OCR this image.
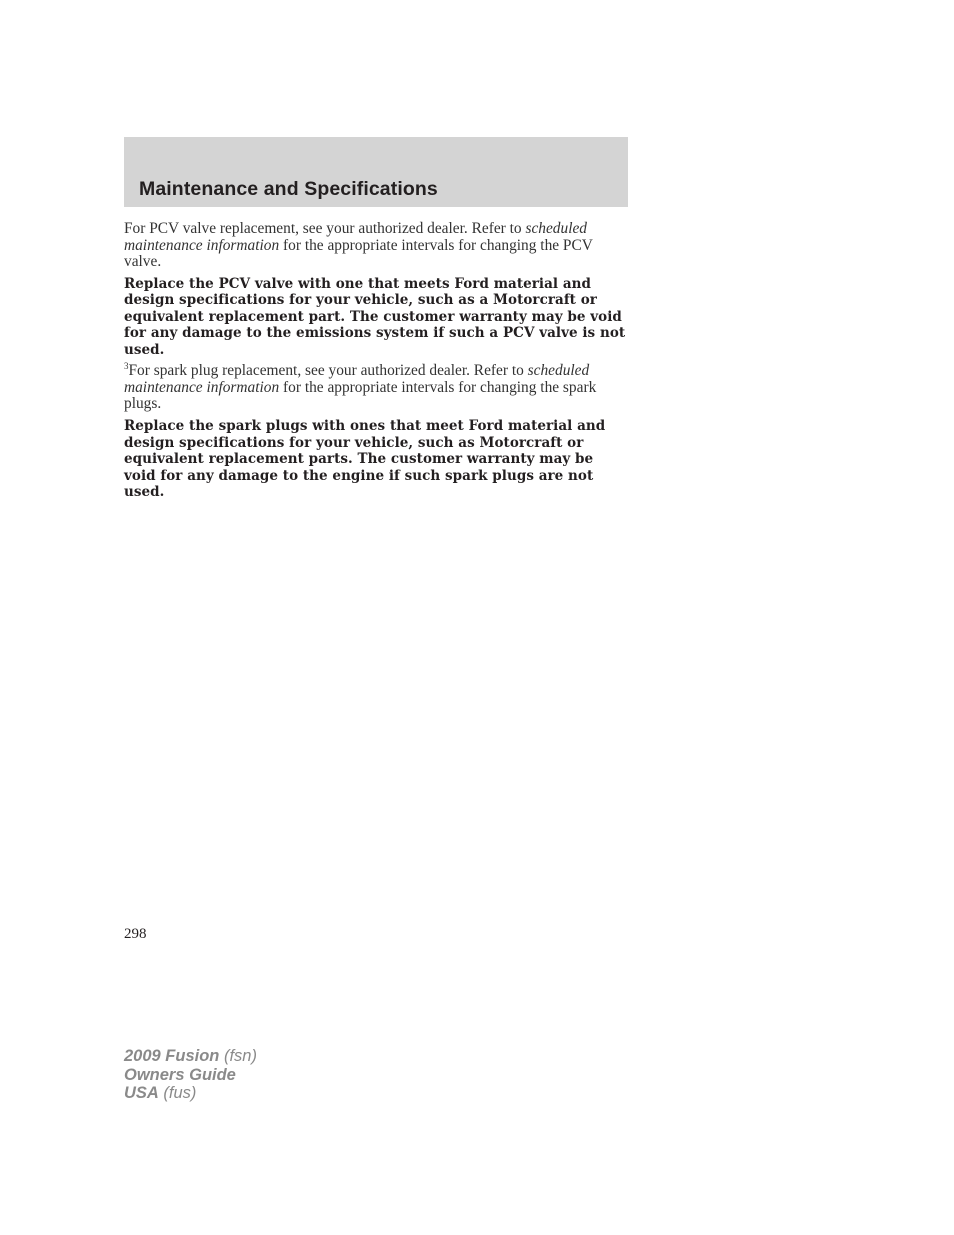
Maintenance and Specifications

For PCV valve replacement, see your authorized dealer. Refer to scheduled maintenance information for the appropriate intervals for changing the PCV valve.

Replace the PCV valve with one that meets Ford material and design specifications for your vehicle, such as a Motorcraft or equivalent replacement part. The customer warranty may be void for any damage to the emissions system if such a PCV valve is not used.

$^3$For spark plug replacement, see your authorized dealer. Refer to scheduled maintenance information for the appropriate intervals for changing the spark plugs.

Replace the spark plugs with ones that meet Ford material and design specifications for your vehicle, such as Motorcraft or equivalent replacement parts. The customer warranty may be void for any damage to the engine if such spark plugs are not used.

298
2009 Fusion (fsn)
Owners Guide
USA (fus)
